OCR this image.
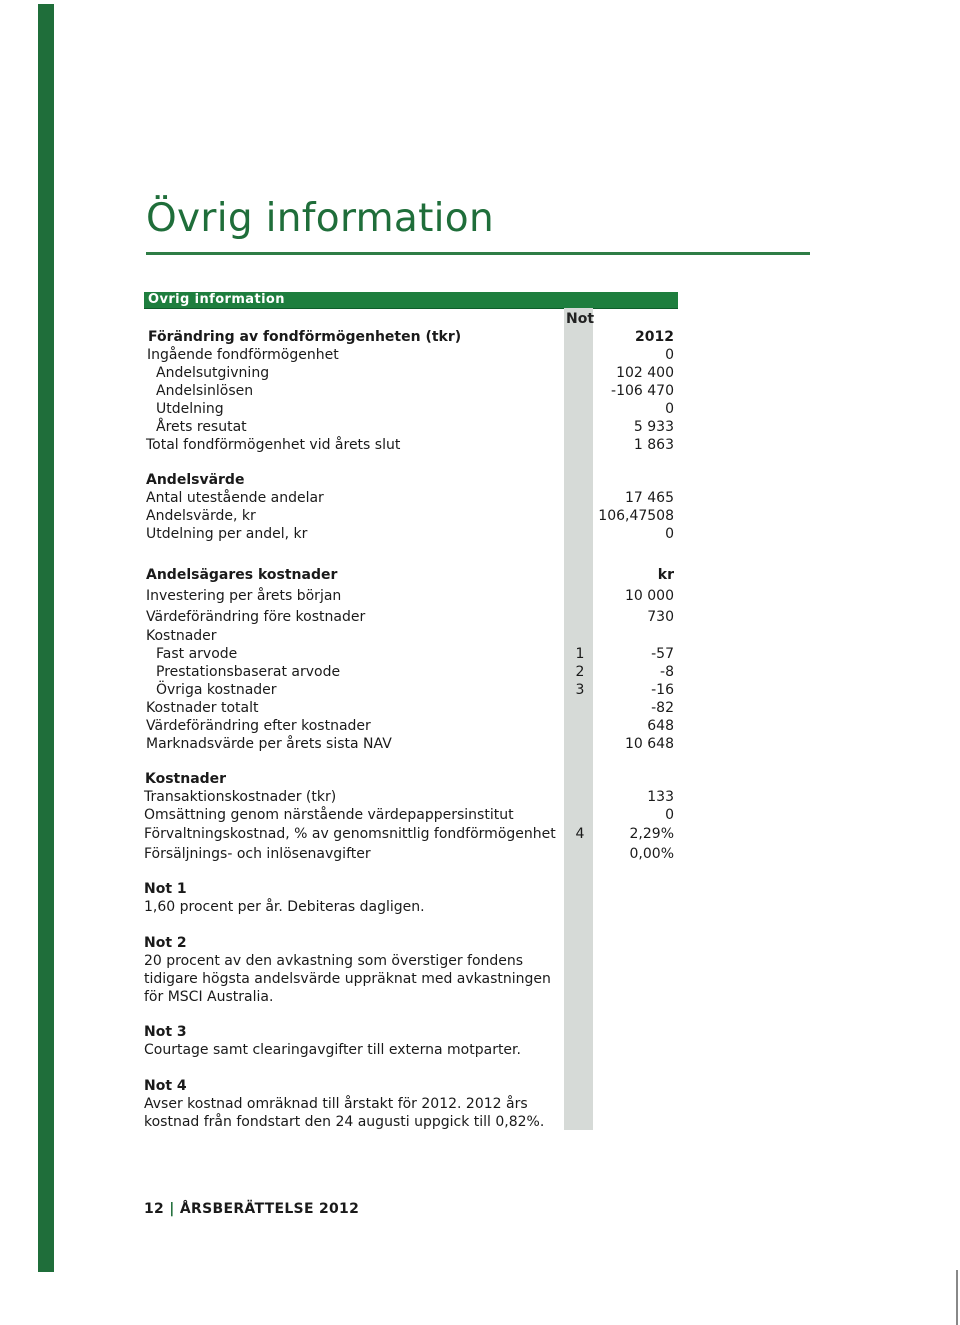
Övrig information
Övrig information
Not
Förändring av fondförmögenheten (tkr)	2012
Ingående fondförmögenhet	0
Andelsutgivning	102 400
Andelsinlösen	-106 470
Utdelning	0
Årets resutat	5 933
Total fondförmögenhet vid årets slut	1 863
Andelsvärde
Antal utestående andelar	17 465
Andelsvärde, kr	106,47508
Utdelning per andel, kr	0
Andelsägares kostnader	kr
Investering per årets början	10 000
Värdeförändring före kostnader	730
Kostnader
Fast arvode	1	-57
Prestationsbaserat arvode	2	-8
Övriga kostnader	3	-16
Kostnader totalt	-82
Värdeförändring efter kostnader	648
Marknadsvärde per årets sista NAV	10 648
Kostnader
Transaktionskostnader (tkr)	133
Omsättning genom närstående värdepappersinstitut	0
Förvaltningskostnad, % av genomsnittlig fondförmögenhet	4	2,29%
Försäljnings- och inlösenavgifter	0,00%
Not 1

1,60 procent per år. Debiteras dagligen.

Not 2

20 procent av den avkastning som överstiger fondens tidigare högsta andelsvärde uppräknat med avkastningen för MSCI Australia.

Not 3

Courtage samt clearingavgifter till externa motparter.

Not 4

Avser kostnad omräknad till årstakt för 2012. 2012 års kostnad från fondstart den 24 augusti uppgick till 0,82%.

12 | ÅRSBERÄTTELSE 2012
